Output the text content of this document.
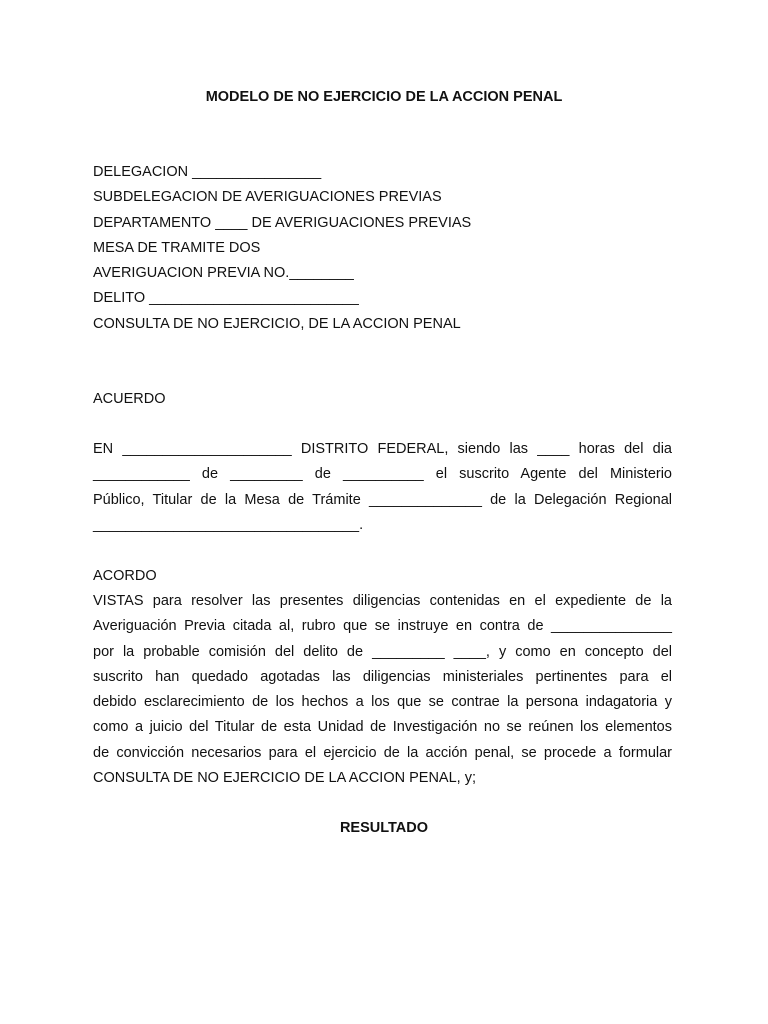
MODELO DE NO EJERCICIO DE LA ACCION PENAL
DELEGACION ________________
SUBDELEGACION DE AVERIGUACIONES PREVIAS
DEPARTAMENTO ____ DE AVERIGUACIONES PREVIAS
MESA DE TRAMITE DOS
AVERIGUACION PREVIA NO.________
DELITO __________________________
CONSULTA DE NO EJERCICIO, DE LA ACCION PENAL
ACUERDO
EN _____________________ DISTRITO FEDERAL, siendo las ____ horas del dia
____________ de _________ de __________ el suscrito Agente del Ministerio
Público, Titular de la Mesa de Trámite ______________ de la Delegación Regional
_________________________________.
ACORDO
VISTAS para resolver las presentes diligencias contenidas en el expediente de la
Averiguación Previa citada al, rubro que se instruye en contra de _______________
por la probable comisión del delito de _________ ____, y como en concepto del
suscrito han quedado agotadas las diligencias ministeriales pertinentes para el
debido esclarecimiento de los hechos a los que se contrae la persona indagatoria y
como a juicio del Titular de esta Unidad de Investigación no se reúnen los elementos
de convicción necesarios para el ejercicio de la acción penal, se procede a formular
CONSULTA DE NO EJERCICIO DE LA ACCION PENAL, y;
RESULTADO
